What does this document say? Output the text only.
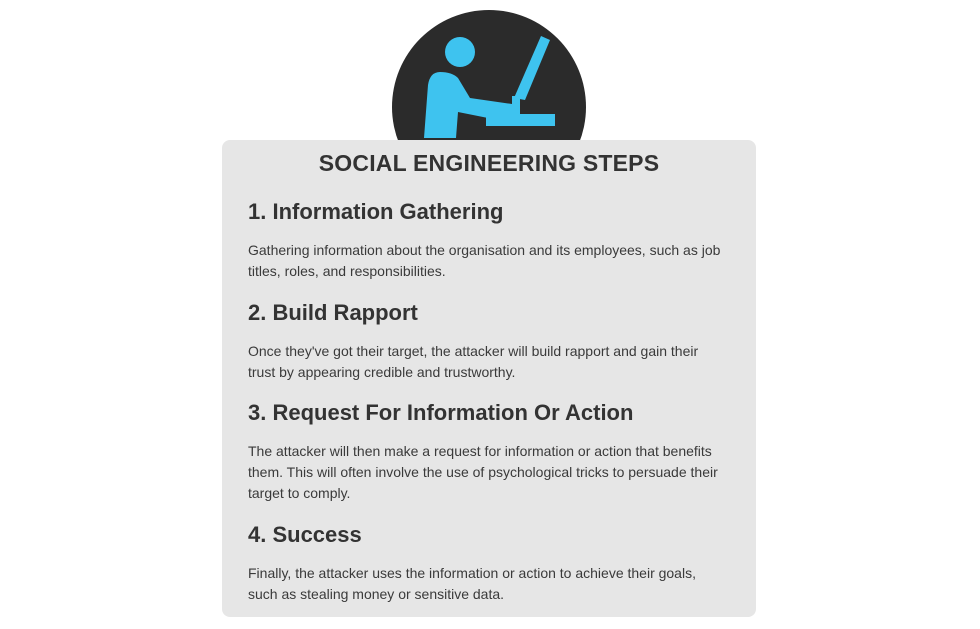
SOCIAL ENGINEERING STEPS
1. Information Gathering

Gathering information about the organisation and its employees, such as job titles, roles, and responsibilities.

2. Build Rapport

Once they've got their target, the attacker will build rapport and gain their trust by appearing credible and trustworthy.

3. Request For Information Or Action

The attacker will then make a request for information or action that benefits them. This will often involve the use of psychological tricks to persuade their target to comply.

4. Success

Finally, the attacker uses the information or action to achieve their goals, such as stealing money or sensitive data.
